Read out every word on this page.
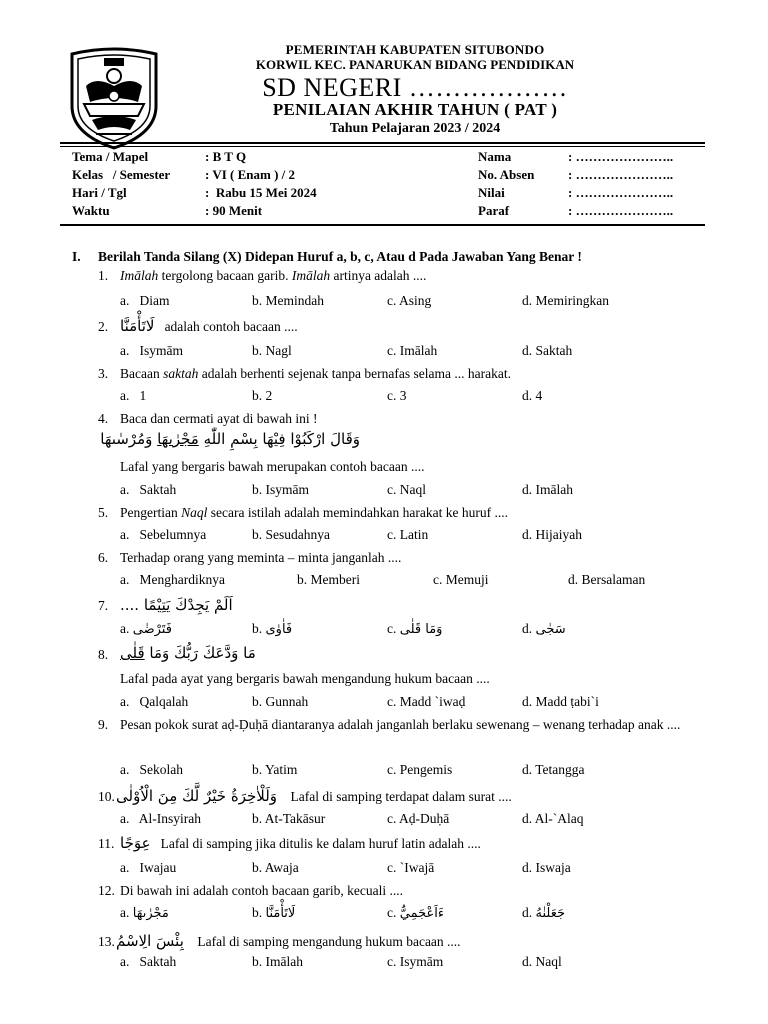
PEMERINTAH KABUPATEN SITUBONDO
KORWIL KEC. PANARUKAN BIDANG PENDIDIKAN
SD NEGERI ………………
PENILAIAN AKHIR TAHUN ( PAT )
Tahun Pelajaran 2023 / 2024
Tema / Mapel	: B T Q
Kelas   / Semester	: VI ( Enam ) / 2
Hari / Tgl	:  Rabu 15 Mei 2024
Waktu	: 90 Menit
Nama	: …………………..
No. Absen	: …………………..
Nilai	: …………………..
Paraf	: …………………..
I. Berilah Tanda Silang (X) Didepan Huruf a, b, c, Atau d Pada Jawaban Yang Benar !
1. Imālah tergolong bacaan garib. Imālah artinya adalah ....
a.   Diam	b. Memindah	c. Asing	d. Memiringkan
2. لَاتَأْمَنَّا adalah contoh bacaan ....
a.   Isymām	b. Nagl	c. Imālah	d. Saktah
3. Bacaan saktah adalah berhenti sejenak tanpa bernafas selama ... harakat.
a.   1	b. 2	c. 3	d. 4
4. Baca dan cermati ayat di bawah ini !
وَقَالَ ارْكَبُوْا فِيْهَا بِسْمِ اللّٰهِ مَجْرٰىهَا وَمُرْسٰىهَا
Lafal yang bergaris bawah merupakan contoh bacaan ....
a.   Saktah	b. Isymām	c. Naql	d. Imālah
5. Pengertian Naql secara istilah adalah memindahkan harakat ke huruf ....
a.   Sebelumnya	b. Sesudahnya	c. Latin	d. Hijaiyah
6. Terhadap orang yang meminta – minta janganlah ....
a.   Menghardiknya	b. Memberi	c. Memuji	d. Bersalaman
7. اَلَمْ يَجِدْكَ يَتِيْمًا ....
a. فَتَرْضٰى	b. فَاٰوٰى	c. وَمَا قَلٰى	d. سَجٰى
8.	مَا وَدَّعَكَ رَبُّكَ وَمَا قَلٰى
Lafal pada ayat yang bergaris bawah mengandung hukum bacaan ....
a.   Qalqalah	b. Gunnah	c. Madd `iwaḍ	d. Madd ṭabi`i
9. Pesan pokok surat aḍ-Ḍuḥā diantaranya adalah janganlah berlaku sewenang – wenang terhadap anak ....
a.   Sekolah	b. Yatim	c. Pengemis	d. Tetangga
10.وَلَلْاٰخِرَةُ خَيْرٌ لَّكَ مِنَ الْاُوْلٰى Lafal di samping terdapat dalam surat ....
a.   Al-Insyirah	b. At-Takāsur	c. Aḍ-Duḥā	d. Al-`Alaq
11. عِوَجًا Lafal di samping jika ditulis ke dalam huruf latin adalah ....
a.   Iwajau	b. Awaja	c. `Iwajā	d. Iswaja
12. Di bawah ini adalah contoh bacaan garib, kecuali ....
a. مَجْرٰىهَا	b. لَاتَأْمَنَّا	c. ءَاَعْجَمِيٌّ	d. جَعَلْنٰهُ
13.بِئْسَ الِاسْمُ Lafal di samping mengandung hukum bacaan ....
a.   Saktah	b. Imālah	c. Isymām	d. Naql
